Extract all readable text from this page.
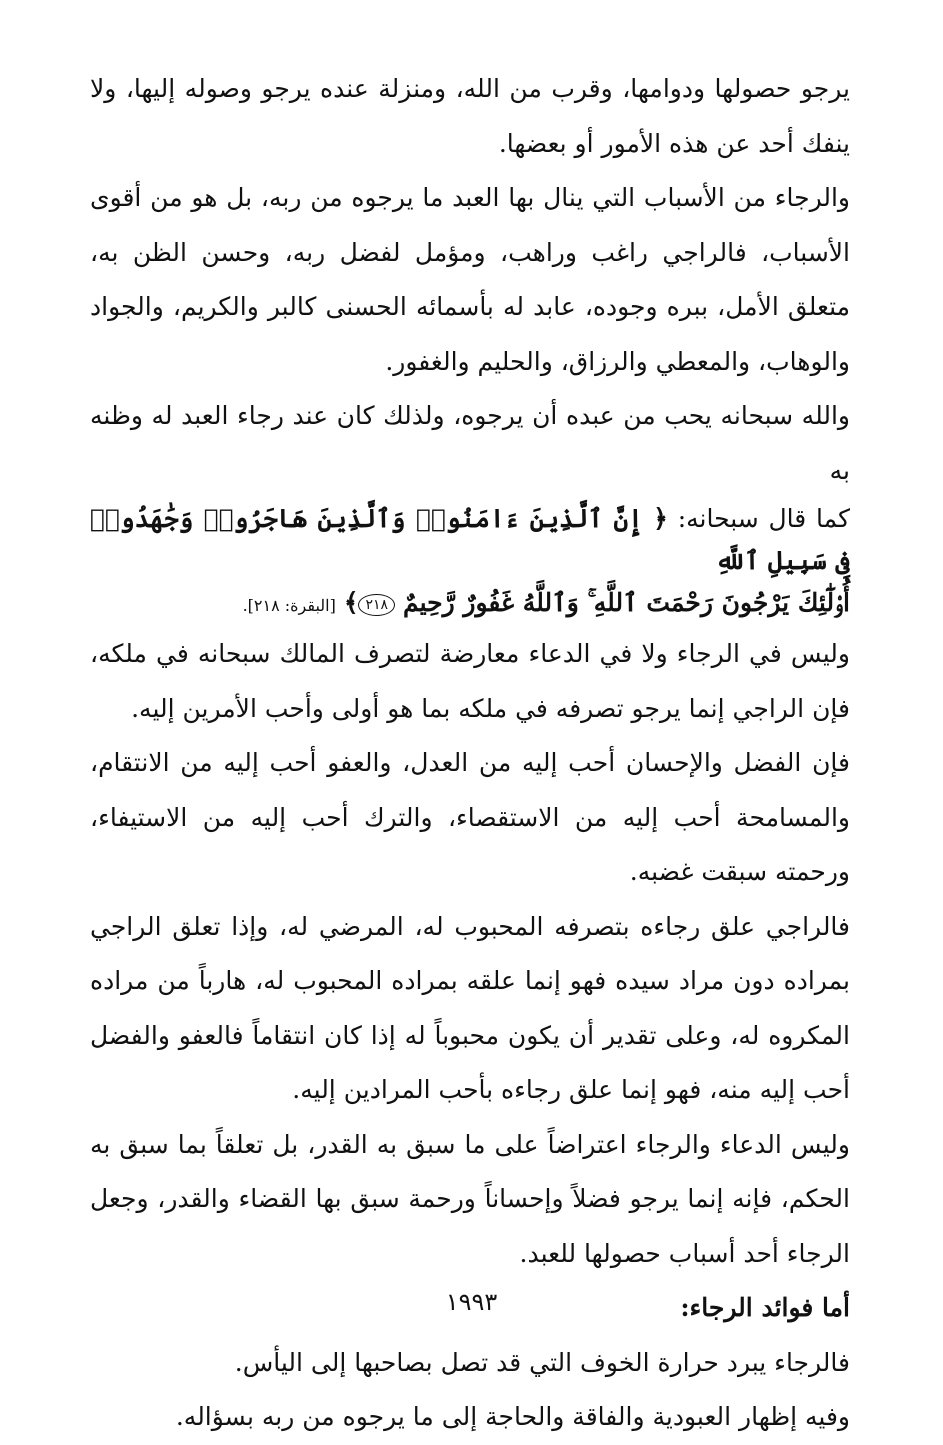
يرجو حصولها ودوامها، وقرب من الله، ومنزلة عنده يرجو وصوله إليها، ولا ينفك أحد عن هذه الأمور أو بعضها.

والرجاء من الأسباب التي ينال بها العبد ما يرجوه من ربه، بل هو من أقوى الأسباب، فالراجي راغب وراهب، ومؤمل لفضل ربه، وحسن الظن به، متعلق الأمل، ببره وجوده، عابد له بأسمائه الحسنى كالبر والكريم، والجواد والوهاب، والمعطي والرزاق، والحليم والغفور.

والله سبحانه يحب من عبده أن يرجوه، ولذلك كان عند رجاء العبد له وظنه به

كما قال سبحانه: ﴿ إِنَّ ٱلَّذِينَ ءَامَنُوا۟ وَٱلَّذِينَ هَاجَرُوا۟ وَجَٰهَدُوا۟ فِى سَبِيلِ ٱللَّهِ

أُو۟لَٰٓئِكَ يَرْجُونَ رَحْمَتَ ٱللَّهِ ۚ وَٱللَّهُ غَفُورٌ رَّحِيمٌ ٢١٨﴾ [البقرة: ٢١٨].

وليس في الرجاء ولا في الدعاء معارضة لتصرف المالك سبحانه في ملكه، فإن الراجي إنما يرجو تصرفه في ملكه بما هو أولى وأحب الأمرين إليه.

فإن الفضل والإحسان أحب إليه من العدل، والعفو أحب إليه من الانتقام، والمسامحة أحب إليه من الاستقصاء، والترك أحب إليه من الاستيفاء، ورحمته سبقت غضبه.

فالراجي علق رجاءه بتصرفه المحبوب له، المرضي له، وإذا تعلق الراجي بمراده دون مراد سيده فهو إنما علقه بمراده المحبوب له، هارباً من مراده المكروه له، وعلى تقدير أن يكون محبوباً له إذا كان انتقاماً فالعفو والفضل أحب إليه منه، فهو إنما علق رجاءه بأحب المرادين إليه.

وليس الدعاء والرجاء اعتراضاً على ما سبق به القدر، بل تعلقاً بما سبق به الحكم، فإنه إنما يرجو فضلاً وإحساناً ورحمة سبق بها القضاء والقدر، وجعل الرجاء أحد أسباب حصولها للعبد.

أما فوائد الرجاء:

فالرجاء يبرد حرارة الخوف التي قد تصل بصاحبها إلى اليأس.

وفيه إظهار العبودية والفاقة والحاجة إلى ما يرجوه من ربه بسؤاله.

١٩٩٣
